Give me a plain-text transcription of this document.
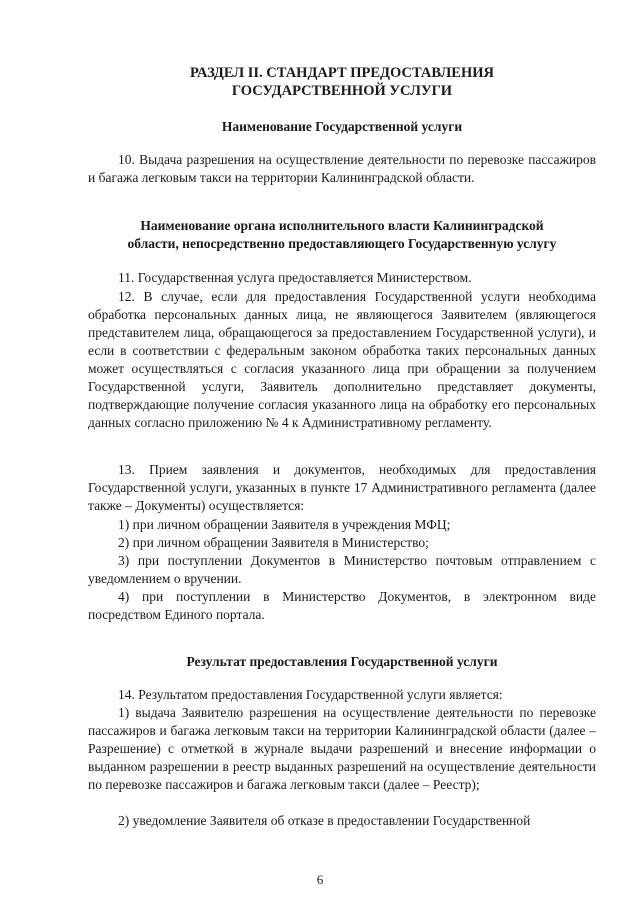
РАЗДЕЛ II. СТАНДАРТ ПРЕДОСТАВЛЕНИЯ
ГОСУДАРСТВЕННОЙ УСЛУГИ
Наименование Государственной услуги

10. Выдача разрешения на осуществление деятельности по перевозке пассажиров и багажа легковым такси на территории Калининградской области.

Наименование органа исполнительного власти Калининградской
области, непосредственно предоставляющего Государственную услугу

11. Государственная услуга предоставляется Министерством.

12. В случае, если для предоставления Государственной услуги необходима обработка персональных данных лица, не являющегося Заявителем (являющегося представителем лица, обращающегося за предоставлением Государственной услуги), и если в соответствии с федеральным законом обработка таких персональных данных может осуществляться с согласия указанного лица при обращении за получением Государственной услуги, Заявитель дополнительно представляет документы, подтверждающие получение согласия указанного лица на обработку его персональных данных согласно приложению № 4 к Административному регламенту.

13. Прием заявления и документов, необходимых для предоставления Государственной услуги, указанных в пункте 17 Административного регламента (далее также – Документы) осуществляется:

1) при личном обращении Заявителя в учреждения МФЦ;

2) при личном обращении Заявителя в Министерство;

3) при поступлении Документов в Министерство почтовым отправлением с уведомлением о вручении.

4) при поступлении в Министерство Документов, в электронном виде посредством Единого портала.

Результат предоставления Государственной услуги

14. Результатом предоставления Государственной услуги является:

1) выдача Заявителю разрешения на осуществление деятельности по перевозке пассажиров и багажа легковым такси на территории Калининградской области (далее – Разрешение) с отметкой в журнале выдачи разрешений и внесение информации о выданном разрешении в реестр выданных разрешений на осуществление деятельности по перевозке пассажиров и багажа легковым такси (далее – Реестр);

2) уведомление Заявителя об отказе в предоставлении Государственной

6
